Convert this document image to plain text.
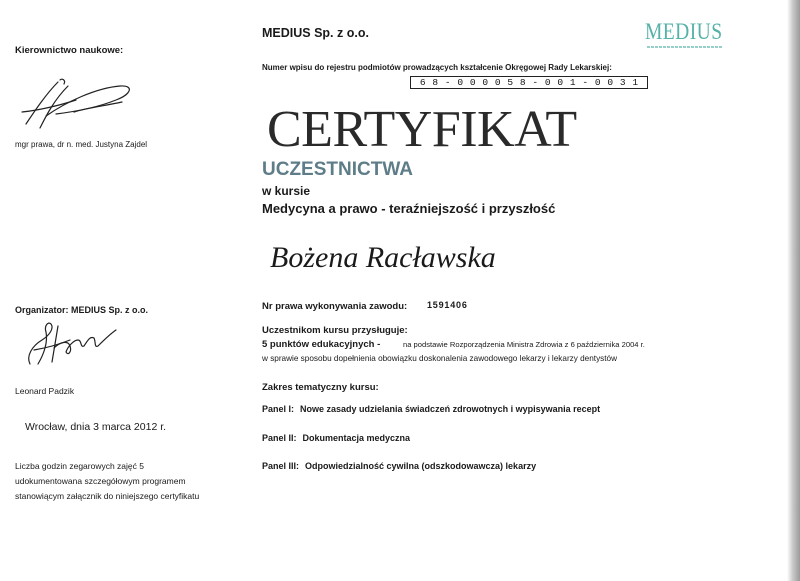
MEDIUS Sp. z o.o.	MEDIUS
Numer wpisu do rejestru podmiotów prowadzących kształcenie Okręgowej Rady Lekarskiej:
68-000058-001-0031
Kierownictwo naukowe:
mgr prawa, dr n. med. Justyna Zajdel
Organizator: MEDIUS Sp. z o.o.
Leonard Padzik
Wrocław, dnia 3 marca 2012 r.
Liczba godzin zegarowych zajęć 5
udokumentowana szczegółowym programem
stanowiącym załącznik do niniejszego certyfikatu
CERTYFIKAT
UCZESTNICTWA
w kursie
Medycyna a prawo - teraźniejszość i przyszłość
Bożena Racławska
Nr prawa wykonywania zawodu: 1591406
Uczestnikom kursu przysługuje:
5 punktów edukacyjnych -	na podstawie Rozporządzenia Ministra Zdrowia z 6 października 2004 r.
w sprawie sposobu dopełnienia obowiązku doskonalenia zawodowego lekarzy i lekarzy dentystów
Zakres tematyczny kursu:
Panel I: Nowe zasady udzielania świadczeń zdrowotnych i wypisywania recept
Panel II: Dokumentacja medyczna
Panel III: Odpowiedzialność cywilna (odszkodowawcza) lekarzy
